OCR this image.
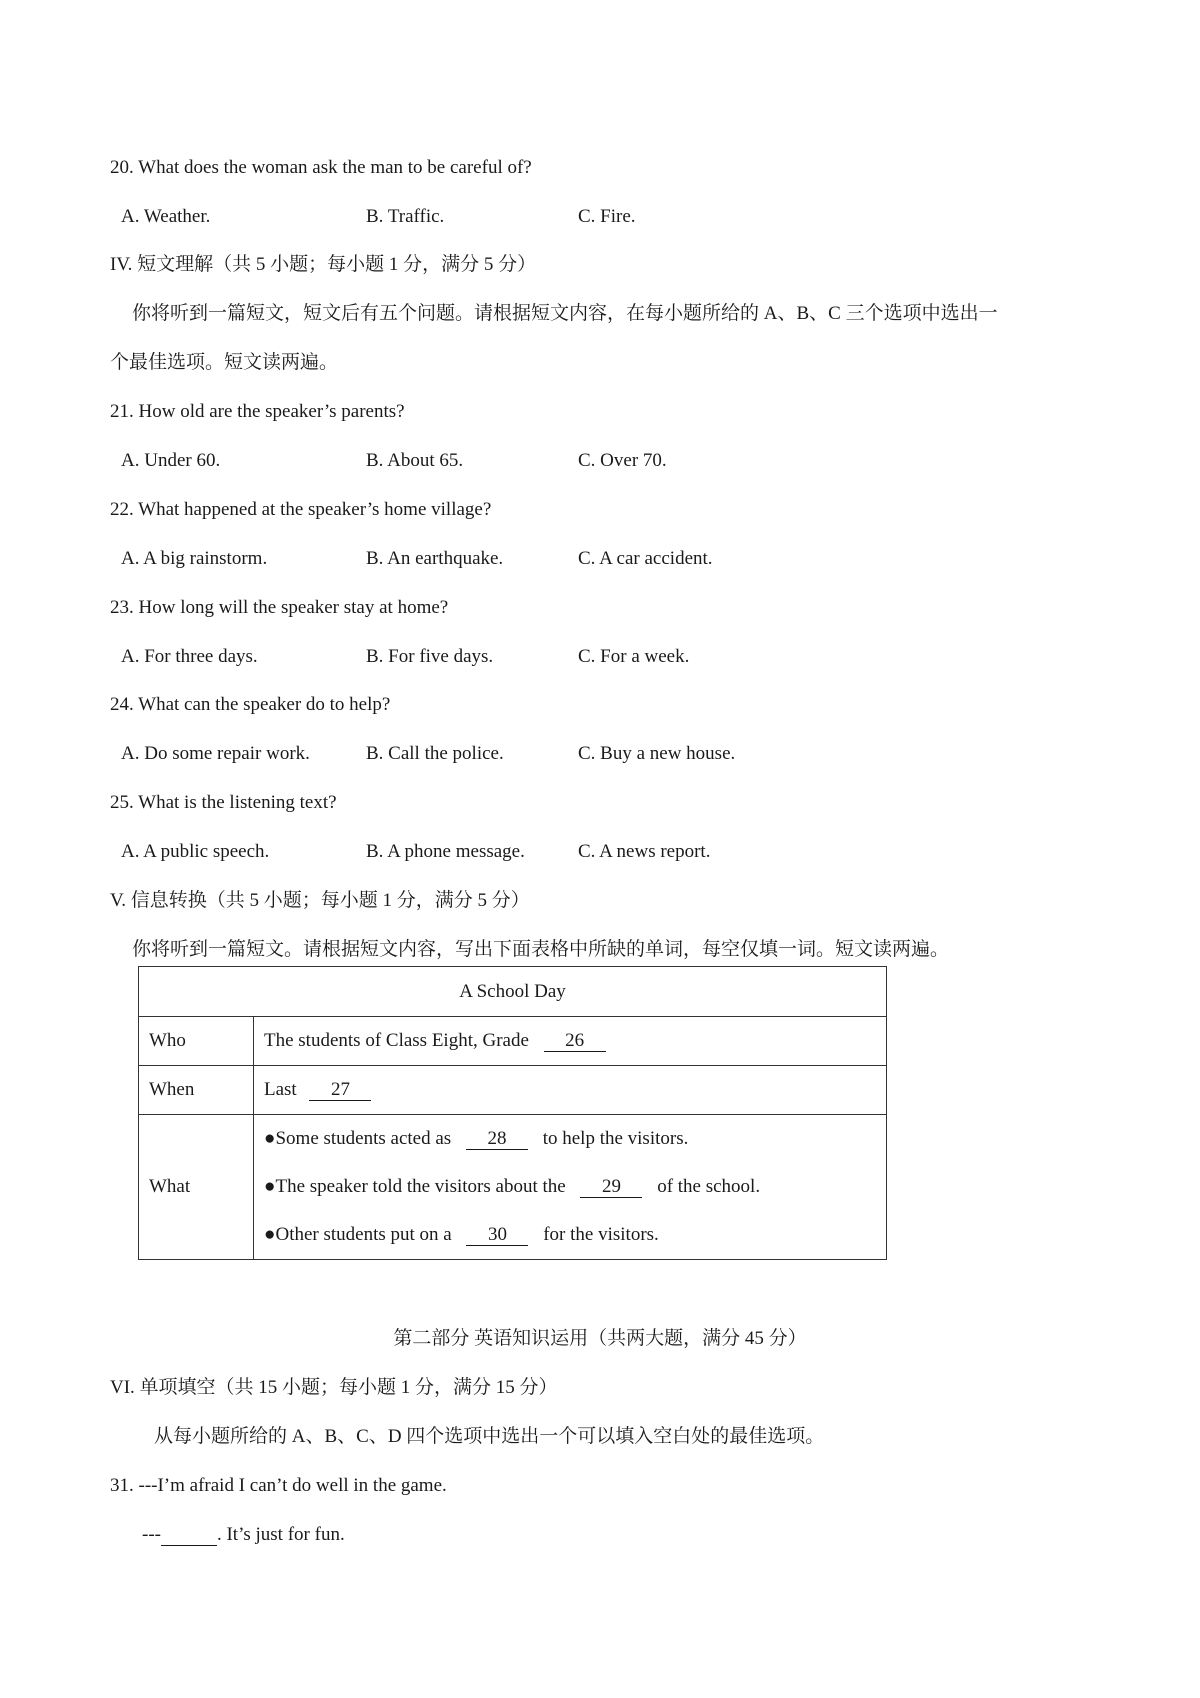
20. What does the woman ask the man to be careful of?
A. Weather.	B. Traffic.	C. Fire.
IV. 短文理解（共 5 小题；每小题 1 分，满分 5 分）
你将听到一篇短文，短文后有五个问题。请根据短文内容，在每小题所给的 A、B、C 三个选项中选出一
个最佳选项。短文读两遍。
21. How old are the speaker’s parents?
A. Under 60.	B. About 65.	C. Over 70.
22. What happened at the speaker’s home village?
A. A big rainstorm.	B. An earthquake.	C. A car accident.
23. How long will the speaker stay at home?
A. For three days.	B. For five days.	C. For a week.
24. What can the speaker do to help?
A. Do some repair work.	B. Call the police.	C. Buy a new house.
25. What is the listening text?
A. A public speech.	B. A phone message.	C. A news report.
V. 信息转换（共 5 小题；每小题 1 分，满分 5 分）
你将听到一篇短文。请根据短文内容，写出下面表格中所缺的单词，每空仅填一词。短文读两遍。
A School Day	
Who	The students of Class Eight, Grade 26
When	Last 27
What	●Some students acted as 28 to help the visitors.
●The speaker told the visitors about the 29 of the school.
●Other students put on a 30 for the visitors.
第二部分 英语知识运用（共两大题，满分 45 分）
VI. 单项填空（共 15 小题；每小题 1 分，满分 15 分）
从每小题所给的 A、B、C、D 四个选项中选出一个可以填入空白处的最佳选项。
31. ---I’m afraid I can’t do well in the game.
---	. It’s just for fun.
